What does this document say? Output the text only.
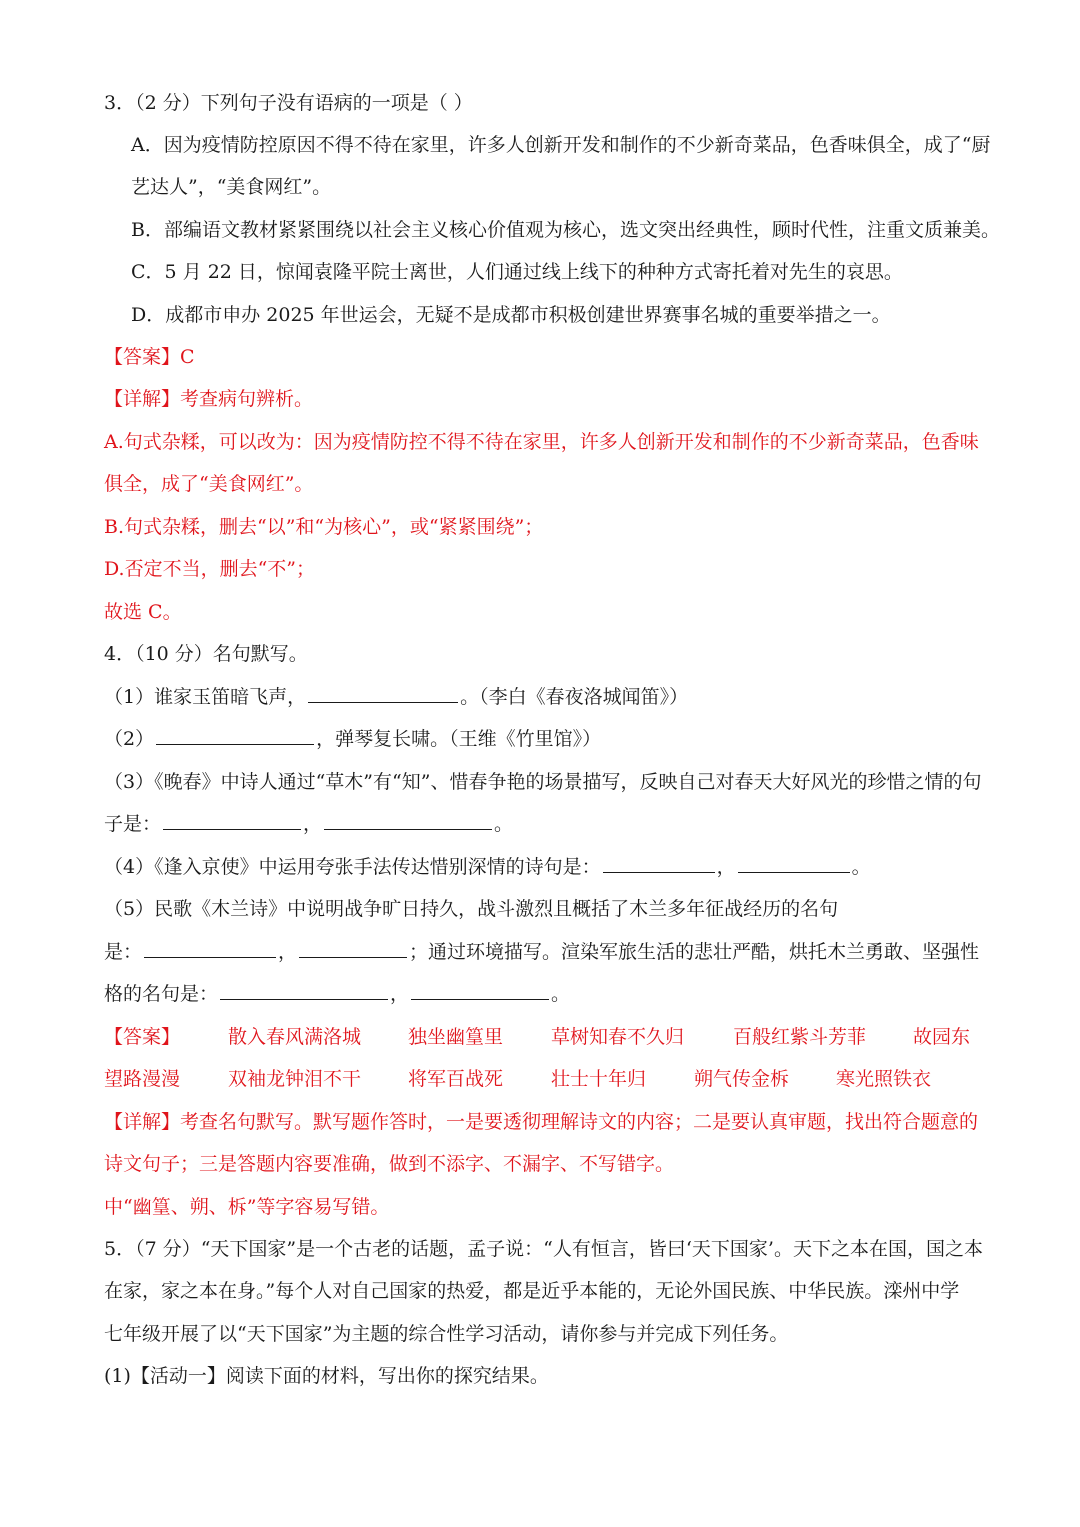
3．（2 分）下列句子没有语病的一项是（ ）
A．因为疫情防控原因不得不待在家里，许多人创新开发和制作的不少新奇菜品，色香味俱全，成了“厨
艺达人”，“美食网红”。
B．部编语文教材紧紧围绕以社会主义核心价值观为核心，选文突出经典性，顾时代性，注重文质兼美。
C．5 月 22 日，惊闻袁隆平院士离世，人们通过线上线下的种种方式寄托着对先生的哀思。
D．成都市申办 2025 年世运会，无疑不是成都市积极创建世界赛事名城的重要举措之一。
【答案】C
【详解】考查病句辨析。
A.句式杂糅，可以改为：因为疫情防控不得不待在家里，许多人创新开发和制作的不少新奇菜品，色香味
俱全，成了“美食网红”。
B.句式杂糅，删去“以”和“为核心”，或“紧紧围绕”；
D.否定不当，删去“不”；
故选 C。
4．（10 分）名句默写。
（1）谁家玉笛暗飞声，	。（李白《春夜洛城闻笛》）
（2）	，弹琴复长啸。（王维《竹里馆》）
（3）《晚春》中诗人通过“草木”有“知”、惜春争艳的场景描写，反映自己对春天大好风光的珍惜之情的句
子是：	，	。
（4）《逢入京使》中运用夸张手法传达惜别深情的诗句是：	，	。
（5）民歌《木兰诗》中说明战争旷日持久，战斗激烈且概括了木兰多年征战经历的名句
是：	，	；通过环境描写。渲染军旅生活的悲壮严酷，烘托木兰勇敢、坚强性
格的名句是：	，	。
【答案】	散入春风满洛城 独坐幽篁里	草树知春不久归	百般红紫斗芳菲 故园东
望路漫漫	双袖龙钟泪不干 将军百战死	壮士十年归	朔气传金柝 寒光照铁衣
【详解】考查名句默写。默写题作答时，一是要透彻理解诗文的内容；二是要认真审题，找出符合题意的
诗文句子；三是答题内容要准确，做到不添字、不漏字、不写错字。
中“幽篁、朔、柝”等字容易写错。
5．（7 分）“天下国家”是一个古老的话题，孟子说：“人有恒言，皆曰‘天下国家’。天下之本在国，国之本
在家，家之本在身。”每个人对自己国家的热爱，都是近乎本能的，无论外国民族、中华民族。滦州中学
七年级开展了以“天下国家”为主题的综合性学习活动，请你参与并完成下列任务。
(1)【活动一】阅读下面的材料，写出你的探究结果。
